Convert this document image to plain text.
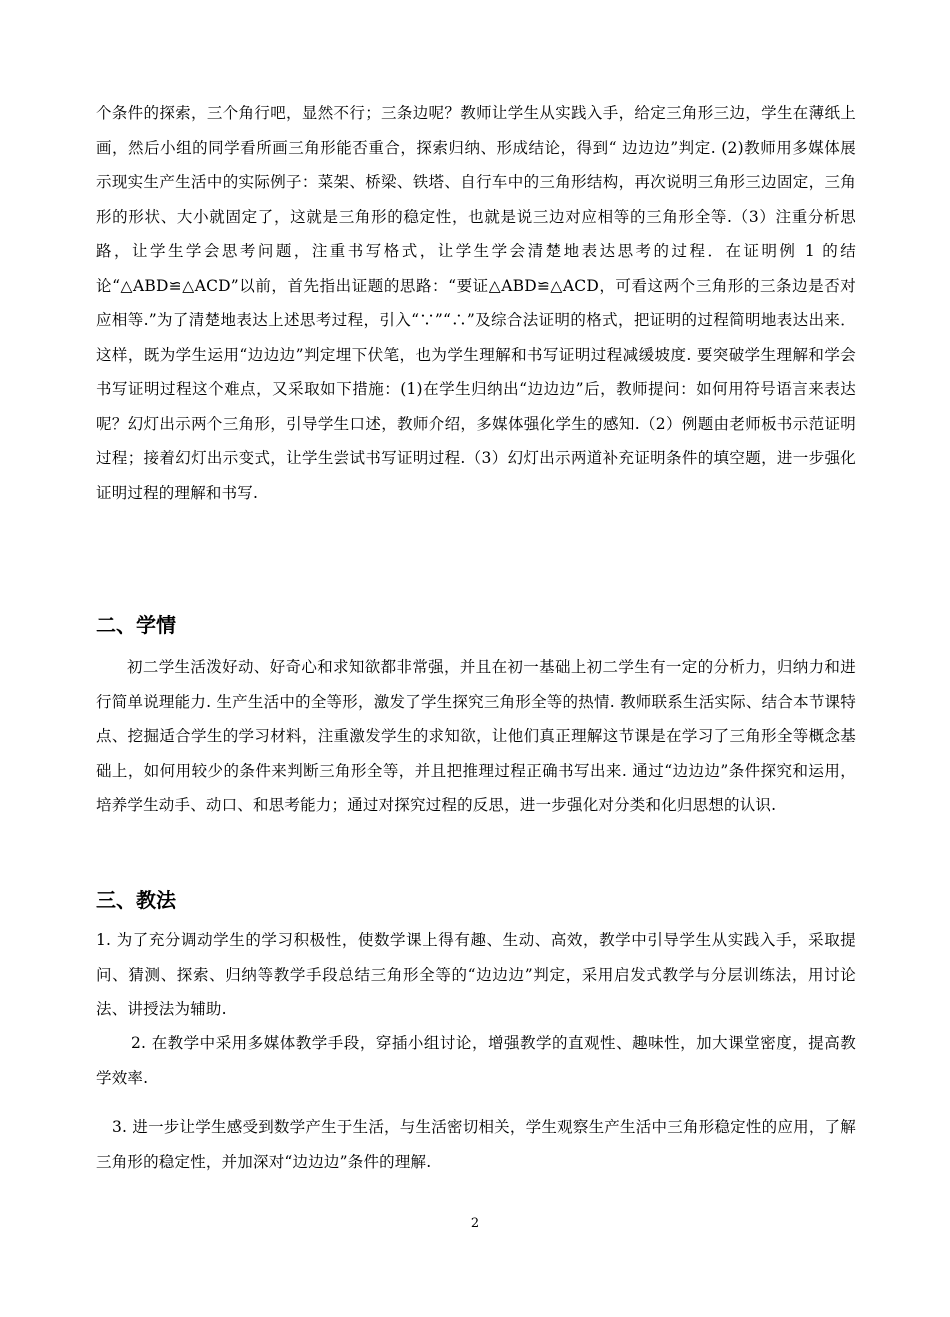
个条件的探索，三个角行吧，显然不行；三条边呢？教师让学生从实践入手，给定三角形三边，学生在薄纸上画，然后小组的同学看所画三角形能否重合，探索归纳、形成结论，得到“ 边边边”判定. (2)教师用多媒体展示现实生产生活中的实际例子：菜架、桥梁、铁塔、自行车中的三角形结构，再次说明三角形三边固定，三角形的形状、大小就固定了，这就是三角形的稳定性，也就是说三边对应相等的三角形全等.（3）注重分析思路，让学生学会思考问题，注重书写格式，让学生学会清楚地表达思考的过程．在证明例 1 的结论“△ABD≌△ACD”以前，首先指出证题的思路：“要证△ABD≌△ACD，可看这两个三角形的三条边是否对应相等.”为了清楚地表达上述思考过程，引入“∵”“∴”及综合法证明的格式，把证明的过程简明地表达出来．这样，既为学生运用“边边边”判定埋下伏笔，也为学生理解和书写证明过程减缓坡度. 要突破学生理解和学会书写证明过程这个难点，又采取如下措施：(1)在学生归纳出“边边边”后，教师提问：如何用符号语言来表达呢？幻灯出示两个三角形，引导学生口述，教师介绍，多媒体强化学生的感知.（2）例题由老师板书示范证明过程；接着幻灯出示变式，让学生尝试书写证明过程.（3）幻灯出示两道补充证明条件的填空题，进一步强化证明过程的理解和书写.
二、学情
初二学生活泼好动、好奇心和求知欲都非常强，并且在初一基础上初二学生有一定的分析力，归纳力和进行简单说理能力. 生产生活中的全等形，激发了学生探究三角形全等的热情. 教师联系生活实际、结合本节课特点、挖掘适合学生的学习材料，注重激发学生的求知欲，让他们真正理解这节课是在学习了三角形全等概念基础上，如何用较少的条件来判断三角形全等，并且把推理过程正确书写出来. 通过“边边边”条件探究和运用，培养学生动手、动口、和思考能力；通过对探究过程的反思，进一步强化对分类和化归思想的认识.
三、教法
1. 为了充分调动学生的学习积极性，使数学课上得有趣、生动、高效，教学中引导学生从实践入手，采取提问、猜测、探索、归纳等教学手段总结三角形全等的“边边边”判定，采用启发式教学与分层训练法，用讨论法、讲授法为辅助.
2. 在教学中采用多媒体教学手段，穿插小组讨论，增强教学的直观性、趣味性，加大课堂密度，提高教学效率.
3. 进一步让学生感受到数学产生于生活，与生活密切相关，学生观察生产生活中三角形稳定性的应用，了解三角形的稳定性，并加深对“边边边”条件的理解.
2
